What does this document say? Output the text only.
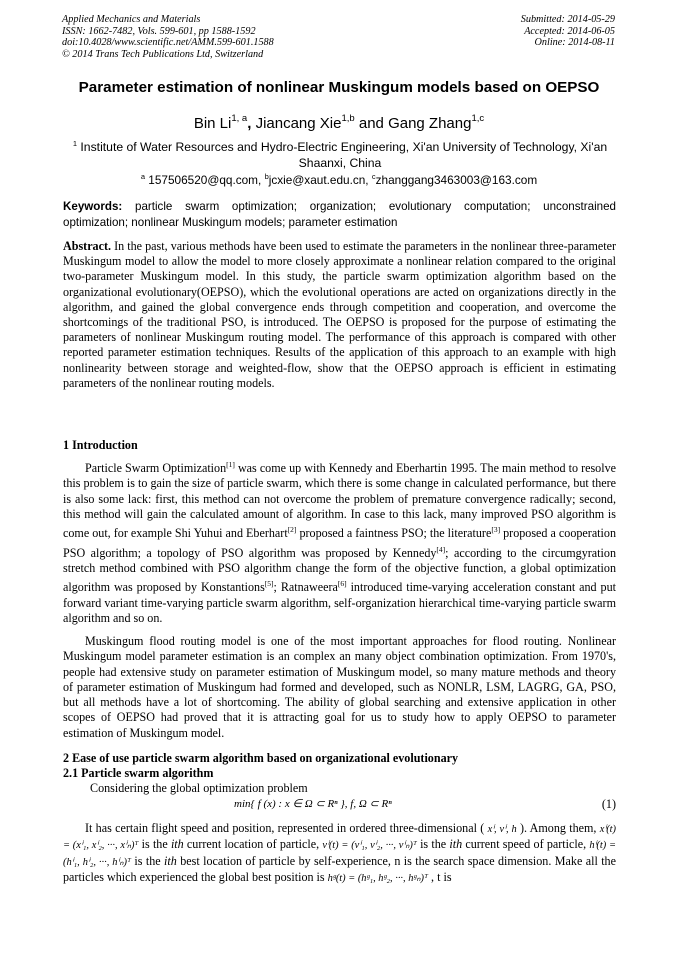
Applied Mechanics and Materials
ISSN: 1662-7482, Vols. 599-601, pp 1588-1592
doi:10.4028/www.scientific.net/AMM.599-601.1588
© 2014 Trans Tech Publications Ltd, Switzerland
Submitted: 2014-05-29
Accepted: 2014-06-05
Online: 2014-08-11
Parameter estimation of nonlinear Muskingum models based on OEPSO
Bin Li$^{1, a}$, Jiancang Xie$^{1,b}$ and Gang Zhang$^{1,c}$
$^1$ Institute of Water Resources and Hydro-Electric Engineering, Xi'an University of Technology, Xi'an Shaanxi, China
$^a$ 157506520@qq.com, $^b$jcxie@xaut.edu.cn, $^c$zhanggang3463003@163.com
Keywords: particle swarm optimization; organization; evolutionary computation; unconstrained optimization; nonlinear Muskingum models; parameter estimation
Abstract. In the past, various methods have been used to estimate the parameters in the nonlinear three-parameter Muskingum model to allow the model to more closely approximate a nonlinear relation compared to the original two-parameter Muskingum model. In this study, the particle swarm optimization algorithm based on the organizational evolutionary(OEPSO), which the evolutional operations are acted on organizations directly in the algorithm, and gained the global convergence ends through competition and cooperation, and overcome the shortcomings of the traditional PSO, is introduced. The OEPSO is proposed for the purpose of estimating the parameters of nonlinear Muskingum routing model. The performance of this approach is compared with other reported parameter estimation techniques. Results of the application of this approach to an example with high nonlinearity between storage and weighted-flow, show that the OEPSO approach is efficient in estimating parameters of the nonlinear routing models.
1 Introduction
Particle Swarm Optimization[1] was come up with Kennedy and Eberhartin 1995. The main method to resolve this problem is to gain the size of particle swarm, which there is some change in calculated performance, but there is also some lack: first, this method can not overcome the problem of premature convergence radically; second, this method will gain the calculated amount of algorithm. In case to this lack, many improved PSO algorithm is come out, for example Shi Yuhui and Eberhart[2] proposed a faintness PSO; the literature[3] proposed a cooperation PSO algorithm; a topology of PSO algorithm was proposed by Kennedy[4]; according to the circumgyration stretch method combined with PSO algorithm change the form of the objective function, a global optimization algorithm was proposed by Konstantions[5]; Ratnaweera[6] introduced time-varying acceleration constant and put forward variant time-varying particle swarm algorithm, self-organization hierarchical time-varying particle swarm algorithm and so on.
Muskingum flood routing model is one of the most important approaches for flood routing. Nonlinear Muskingum model parameter estimation is an complex an many object combination optimization. From 1970's, people had extensive study on parameter estimation of Muskingum model, so many mature methods and theory of parameter estimation of Muskingum had formed and developed, such as NONLR, LSM, LAGRG, GA, PSO, but all methods have a lot of shortcoming. The ability of global searching and extensive application in other scopes of OEPSO had proved that it is attracting goal for us to study how to apply OEPSO to parameter estimation of Muskingum model.
2 Ease of use particle swarm algorithm based on organizational evolutionary
2.1 Particle swarm algorithm
Considering the global optimization problem
min{ f (x) : x ∈ Ω ⊂ Rⁿ }, f, Ω ⊂ Rⁿ	(1)
It has certain flight speed and position, represented in ordered three-dimensional ( xⁱ, vⁱ, h ). Among them, xⁱ(t) = (xⁱ₁, xⁱ₂, ···, xⁱₙ)ᵀ is the ith current location of particle, vⁱ(t) = (vⁱ₁, vⁱ₂, ···, vⁱₙ)ᵀ is the ith current speed of particle, hⁱ(t) = (hⁱ₁, hⁱ₂, ···, hⁱₙ)ᵀ is the ith best location of particle by self-experience, n is the search space dimension. Make all the particles which experienced the global best position is hᵍ(t) = (hᵍ₁, hᵍ₂, ···, hᵍₙ)ᵀ , t is
